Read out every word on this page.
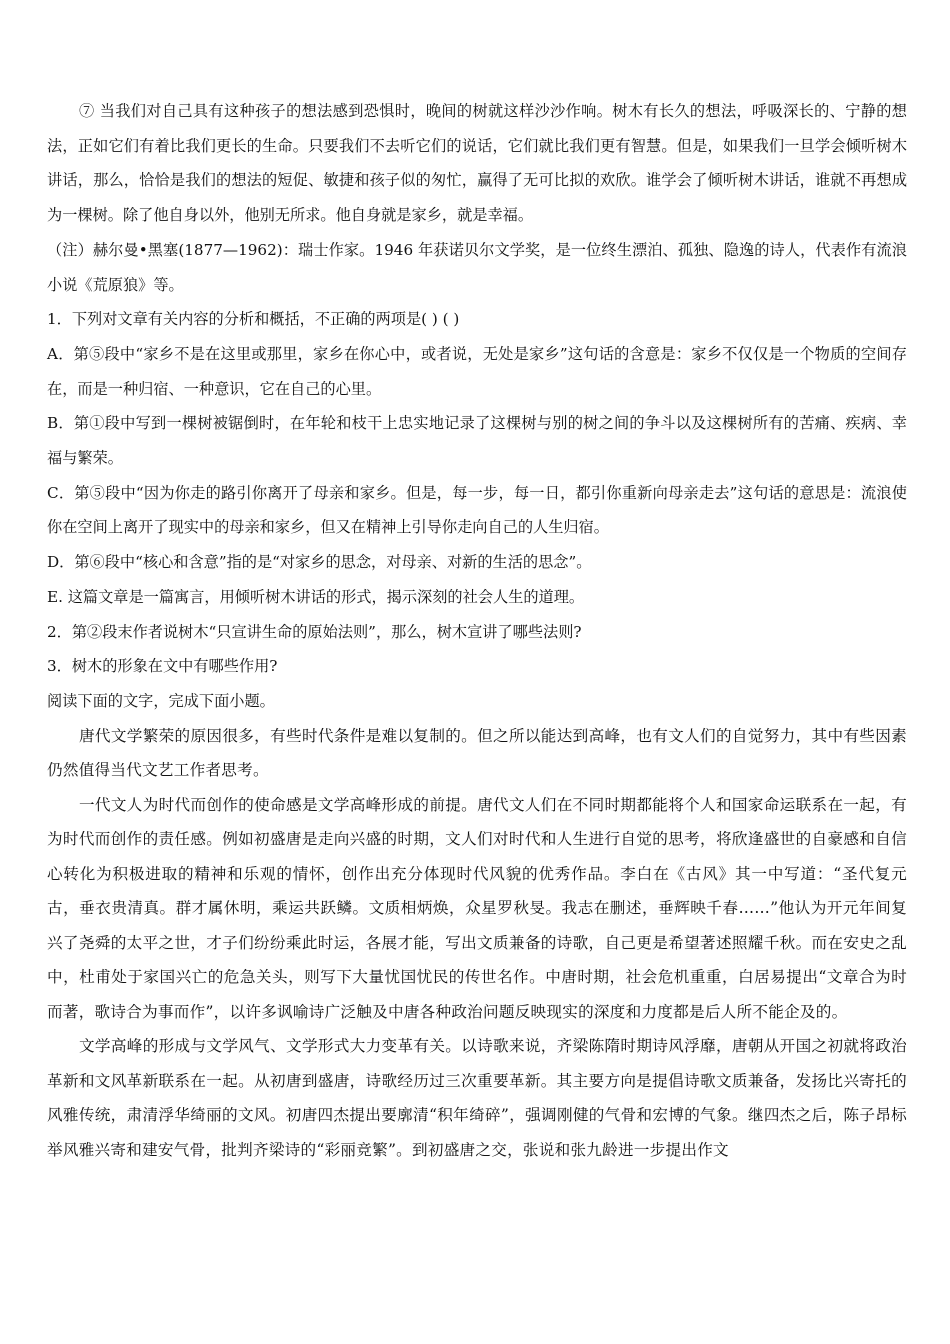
⑦ 当我们对自己具有这种孩子的想法感到恐惧时，晚间的树就这样沙沙作响。树木有长久的想法，呼吸深长的、宁静的想法，正如它们有着比我们更长的生命。只要我们不去听它们的说话，它们就比我们更有智慧。但是，如果我们一旦学会倾听树木讲话，那么，恰恰是我们的想法的短促、敏捷和孩子似的匆忙，赢得了无可比拟的欢欣。谁学会了倾听树木讲话，谁就不再想成为一棵树。除了他自身以外，他别无所求。他自身就是家乡，就是幸福。

（注）赫尔曼•黑塞(1877—1962)：瑞士作家。1946 年获诺贝尔文学奖，是一位终生漂泊、孤独、隐逸的诗人，代表作有流浪小说《荒原狼》等。

1．下列对文章有关内容的分析和概括，不正确的两项是( ) ( )

A．第⑤段中“家乡不是在这里或那里，家乡在你心中，或者说，无处是家乡”这句话的含意是：家乡不仅仅是一个物质的空间存在，而是一种归宿、一种意识，它在自己的心里。

B．第①段中写到一棵树被锯倒时，在年轮和枝干上忠实地记录了这棵树与别的树之间的争斗以及这棵树所有的苦痛、疾病、幸福与繁荣。

C．第⑤段中“因为你走的路引你离开了母亲和家乡。但是，每一步，每一日，都引你重新向母亲走去”这句话的意思是：流浪使你在空间上离开了现实中的母亲和家乡，但又在精神上引导你走向自己的人生归宿。

D．第⑥段中“核心和含意”指的是“对家乡的思念，对母亲、对新的生活的思念”。

E. 这篇文章是一篇寓言，用倾听树木讲话的形式，揭示深刻的社会人生的道理。

2．第②段末作者说树木“只宣讲生命的原始法则”，那么，树木宣讲了哪些法则?

3．树木的形象在文中有哪些作用?

阅读下面的文字，完成下面小题。

唐代文学繁荣的原因很多，有些时代条件是难以复制的。但之所以能达到高峰，也有文人们的自觉努力，其中有些因素仍然值得当代文艺工作者思考。

一代文人为时代而创作的使命感是文学高峰形成的前提。唐代文人们在不同时期都能将个人和国家命运联系在一起，有为时代而创作的责任感。例如初盛唐是走向兴盛的时期，文人们对时代和人生进行自觉的思考，将欣逢盛世的自豪感和自信心转化为积极进取的精神和乐观的情怀，创作出充分体现时代风貌的优秀作品。李白在《古风》其一中写道：“圣代复元古，垂衣贵清真。群才属休明，乘运共跃鳞。文质相炳焕，众星罗秋旻。我志在删述，垂辉映千春……”他认为开元年间复兴了尧舜的太平之世，才子们纷纷乘此时运，各展才能，写出文质兼备的诗歌，自己更是希望著述照耀千秋。而在安史之乱中，杜甫处于家国兴亡的危急关头，则写下大量忧国忧民的传世名作。中唐时期，社会危机重重，白居易提出“文章合为时而著，歌诗合为事而作”，以许多讽喻诗广泛触及中唐各种政治问题反映现实的深度和力度都是后人所不能企及的。

文学高峰的形成与文学风气、文学形式大力变革有关。以诗歌来说，齐梁陈隋时期诗风浮靡，唐朝从开国之初就将政治革新和文风革新联系在一起。从初唐到盛唐，诗歌经历过三次重要革新。其主要方向是提倡诗歌文质兼备，发扬比兴寄托的风雅传统，肃清浮华绮丽的文风。初唐四杰提出要廓清“积年绮碎”，强调刚健的气骨和宏博的气象。继四杰之后，陈子昂标举风雅兴寄和建安气骨，批判齐梁诗的“彩丽竞繁”。到初盛唐之交，张说和张九龄进一步提出作文
